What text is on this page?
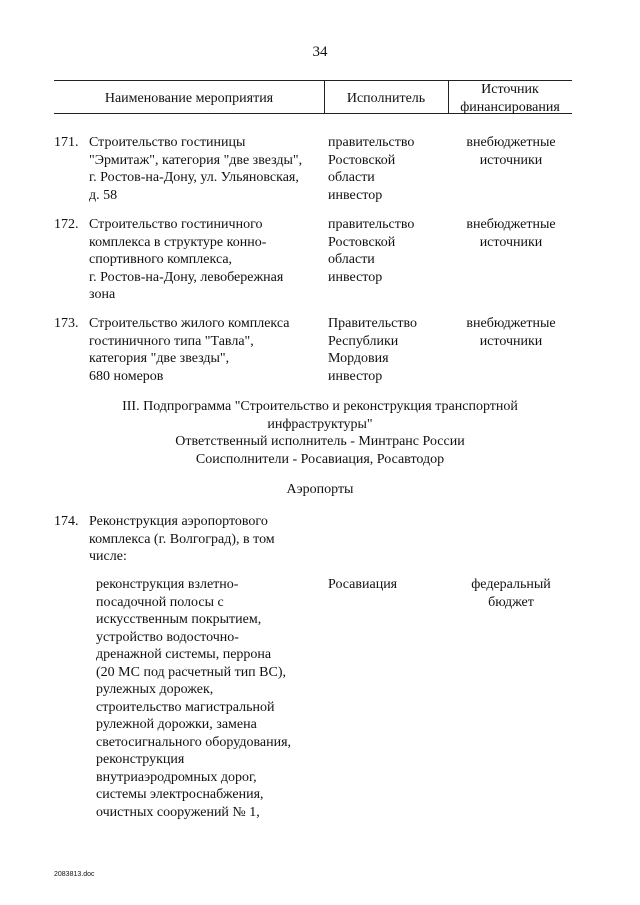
34
Наименование мероприятия	Исполнитель
Источник
финансирования
171. Строительство гостиницы
"Эрмитаж", категория "две звезды",
г. Ростов-на-Дону, ул. Ульяновская,
д. 58
правительство
Ростовской
области
инвестор
внебюджетные
источники
172. Строительство гостиничного
комплекса в структуре конно-
спортивного комплекса,
г. Ростов-на-Дону, левобережная
зона
правительство
Ростовской
области
инвестор
внебюджетные
источники
173. Строительство жилого комплекса
гостиничного типа "Тавла",
категория "две звезды",
680 номеров
Правительство
Республики
Мордовия
инвестор
внебюджетные
источники
III. Подпрограмма "Строительство и реконструкция транспортной
инфраструктуры"
Ответственный исполнитель - Минтранс России
Соисполнители - Росавиация, Росавтодор
Аэропорты
174. Реконструкция аэропортового
комплекса (г. Волгоград), в том
числе:
реконструкция взлетно-
посадочной полосы с
искусственным покрытием,
устройство водосточно-
дренажной системы, перрона
(20 МС под расчетный тип ВС),
рулежных дорожек,
строительство магистральной
рулежной дорожки, замена
светосигнального оборудования,
реконструкция
внутриаэродромных дорог,
системы электроснабжения,
очистных сооружений № 1,
Росавиация	федеральный
бюджет
2083813.doc
